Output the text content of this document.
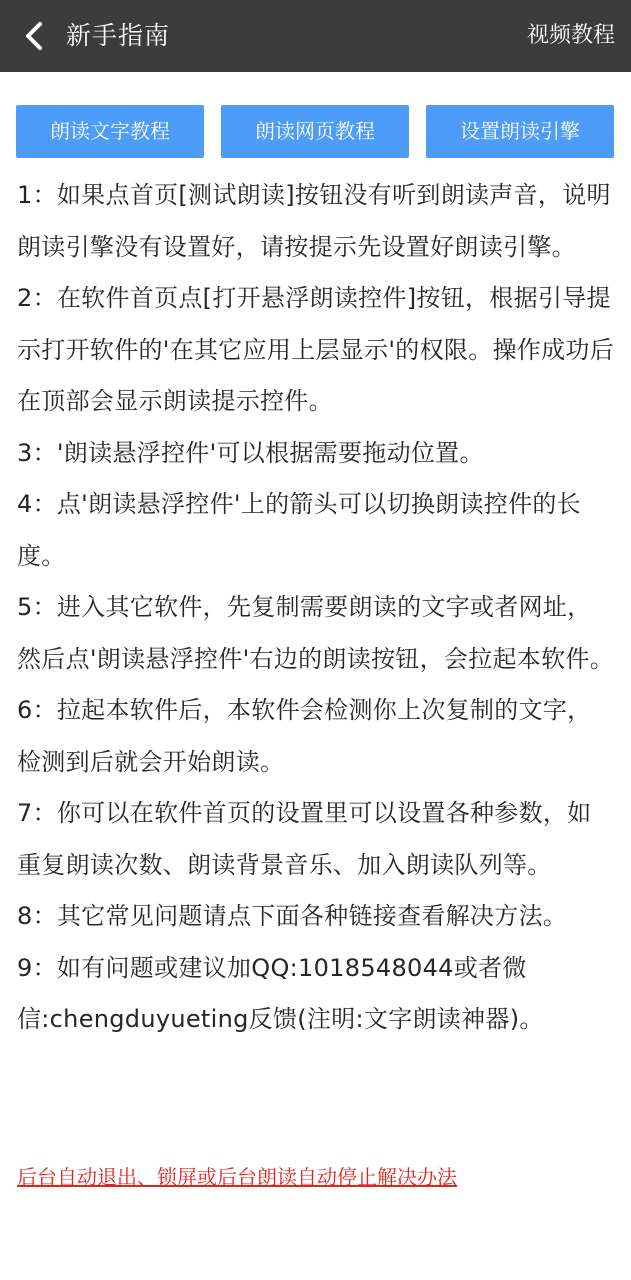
新手指南	视频教程
朗读文字教程	朗读网页教程	设置朗读引擎

1：如果点首页[测试朗读]按钮没有听到朗读声音，说明朗读引擎没有设置好，请按提示先设置好朗读引擎。

2：在软件首页点[打开悬浮朗读控件]按钮，根据引导提示打开软件的'在其它应用上层显示'的权限。操作成功后在顶部会显示朗读提示控件。

3：'朗读悬浮控件'可以根据需要拖动位置。

4：点'朗读悬浮控件'上的箭头可以切换朗读控件的长度。

5：进入其它软件，先复制需要朗读的文字或者网址，然后点'朗读悬浮控件'右边的朗读按钮，会拉起本软件。

6：拉起本软件后，本软件会检测你上次复制的文字，检测到后就会开始朗读。

7：你可以在软件首页的设置里可以设置各种参数，如重复朗读次数、朗读背景音乐、加入朗读队列等。

8：其它常见问题请点下面各种链接查看解决方法。

9：如有问题或建议加QQ:1018548044或者微信:chengduyueting反馈(注明:文字朗读神器)。

后台自动退出、锁屏或后台朗读自动停止解决办法
